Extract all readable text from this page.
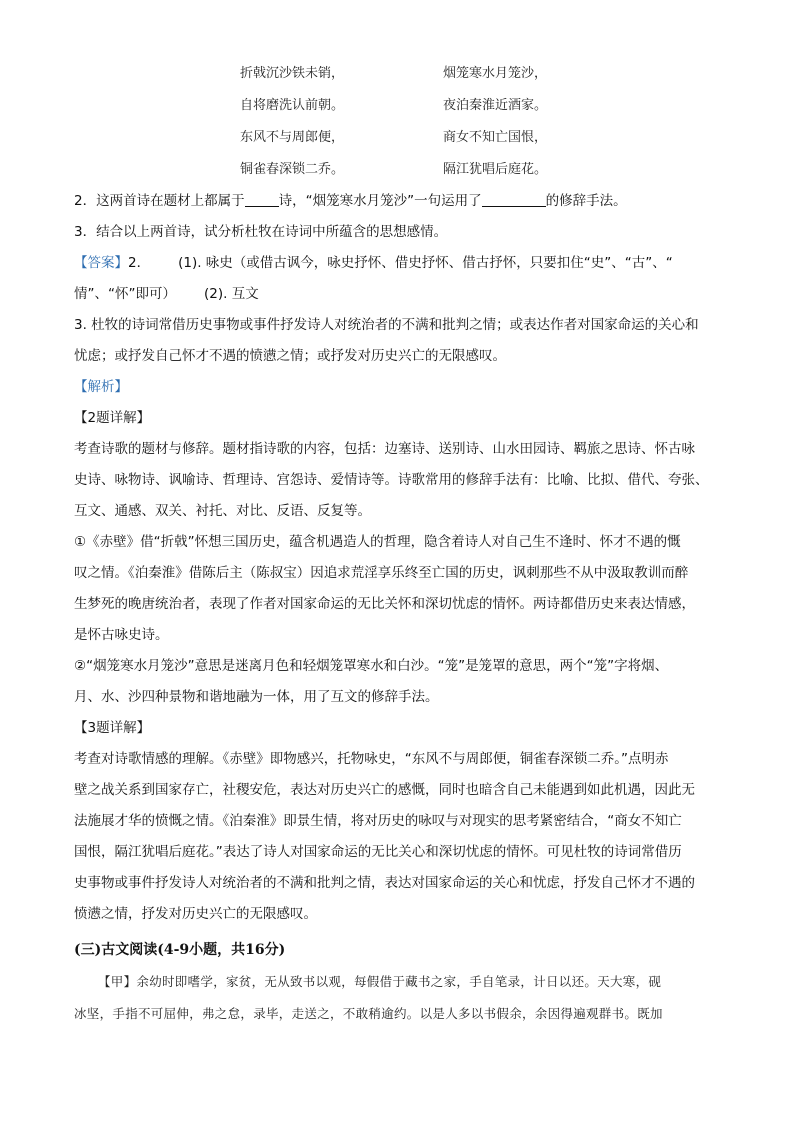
折戟沉沙铁未销，	烟笼寒水月笼沙，
自将磨洗认前朝。	夜泊秦淮近酒家。
东风不与周郎便，	商女不知亡国恨，
铜雀春深锁二乔。	隔江犹唱后庭花。
2．这两首诗在题材上都属于	诗，“烟笼寒水月笼沙”一句运用了	的修辞手法。
3．结合以上两首诗，试分析杜牧在诗词中所蕴含的思想感情。
【答案】2． (1). 咏史（或借古讽今，咏史抒怀、借史抒怀、借古抒怀，只要扣住“史”、“古”、“
情”、“怀”即可） (2). 互文
3. 杜牧的诗词常借历史事物或事件抒发诗人对统治者的不满和批判之情；或表达作者对国家命运的关心和
忧虑；或抒发自己怀才不遇的愤懑之情；或抒发对历史兴亡的无限感叹。
【解析】
【2题详解】
考查诗歌的题材与修辞。题材指诗歌的内容，包括：边塞诗、送别诗、山水田园诗、羁旅之思诗、怀古咏
史诗、咏物诗、讽喻诗、哲理诗、宫怨诗、爱情诗等。诗歌常用的修辞手法有：比喻、比拟、借代、夸张、
互文、通感、双关、衬托、对比、反语、反复等。
①《赤壁》借“折戟”怀想三国历史，蕴含机遇造人的哲理，隐含着诗人对自己生不逢时、怀才不遇的慨
叹之情。《泊秦淮》借陈后主（陈叔宝）因追求荒淫享乐终至亡国的历史，讽刺那些不从中汲取教训而醉
生梦死的晚唐统治者，表现了作者对国家命运的无比关怀和深切忧虑的情怀。两诗都借历史来表达情感，
是怀古咏史诗。
②“烟笼寒水月笼沙”意思是迷离月色和轻烟笼罩寒水和白沙。“笼”是笼罩的意思，两个“笼”字将烟、
月、水、沙四种景物和谐地融为一体，用了互文的修辞手法。
【3题详解】
考查对诗歌情感的理解。《赤壁》即物感兴，托物咏史，“东风不与周郎便，铜雀春深锁二乔。”点明赤
壁之战关系到国家存亡，社稷安危，表达对历史兴亡的感慨，同时也暗含自己未能遇到如此机遇，因此无
法施展才华的愤慨之情。《泊秦淮》即景生情，将对历史的咏叹与对现实的思考紧密结合，“商女不知亡
国恨，隔江犹唱后庭花。”表达了诗人对国家命运的无比关心和深切忧虑的情怀。可见杜牧的诗词常借历
史事物或事件抒发诗人对统治者的不满和批判之情，表达对国家命运的关心和忧虑，抒发自己怀才不遇的
愤懑之情，抒发对历史兴亡的无限感叹。
(三)古文阅读(4-9小题，共16分)
【甲】余幼时即嗜学，家贫，无从致书以观，每假借于藏书之家，手自笔录，计日以还。天大寒，砚
冰坚，手指不可屈伸，弗之怠，录毕，走送之，不敢稍逾约。以是人多以书假余，余因得遍观群书。既加
